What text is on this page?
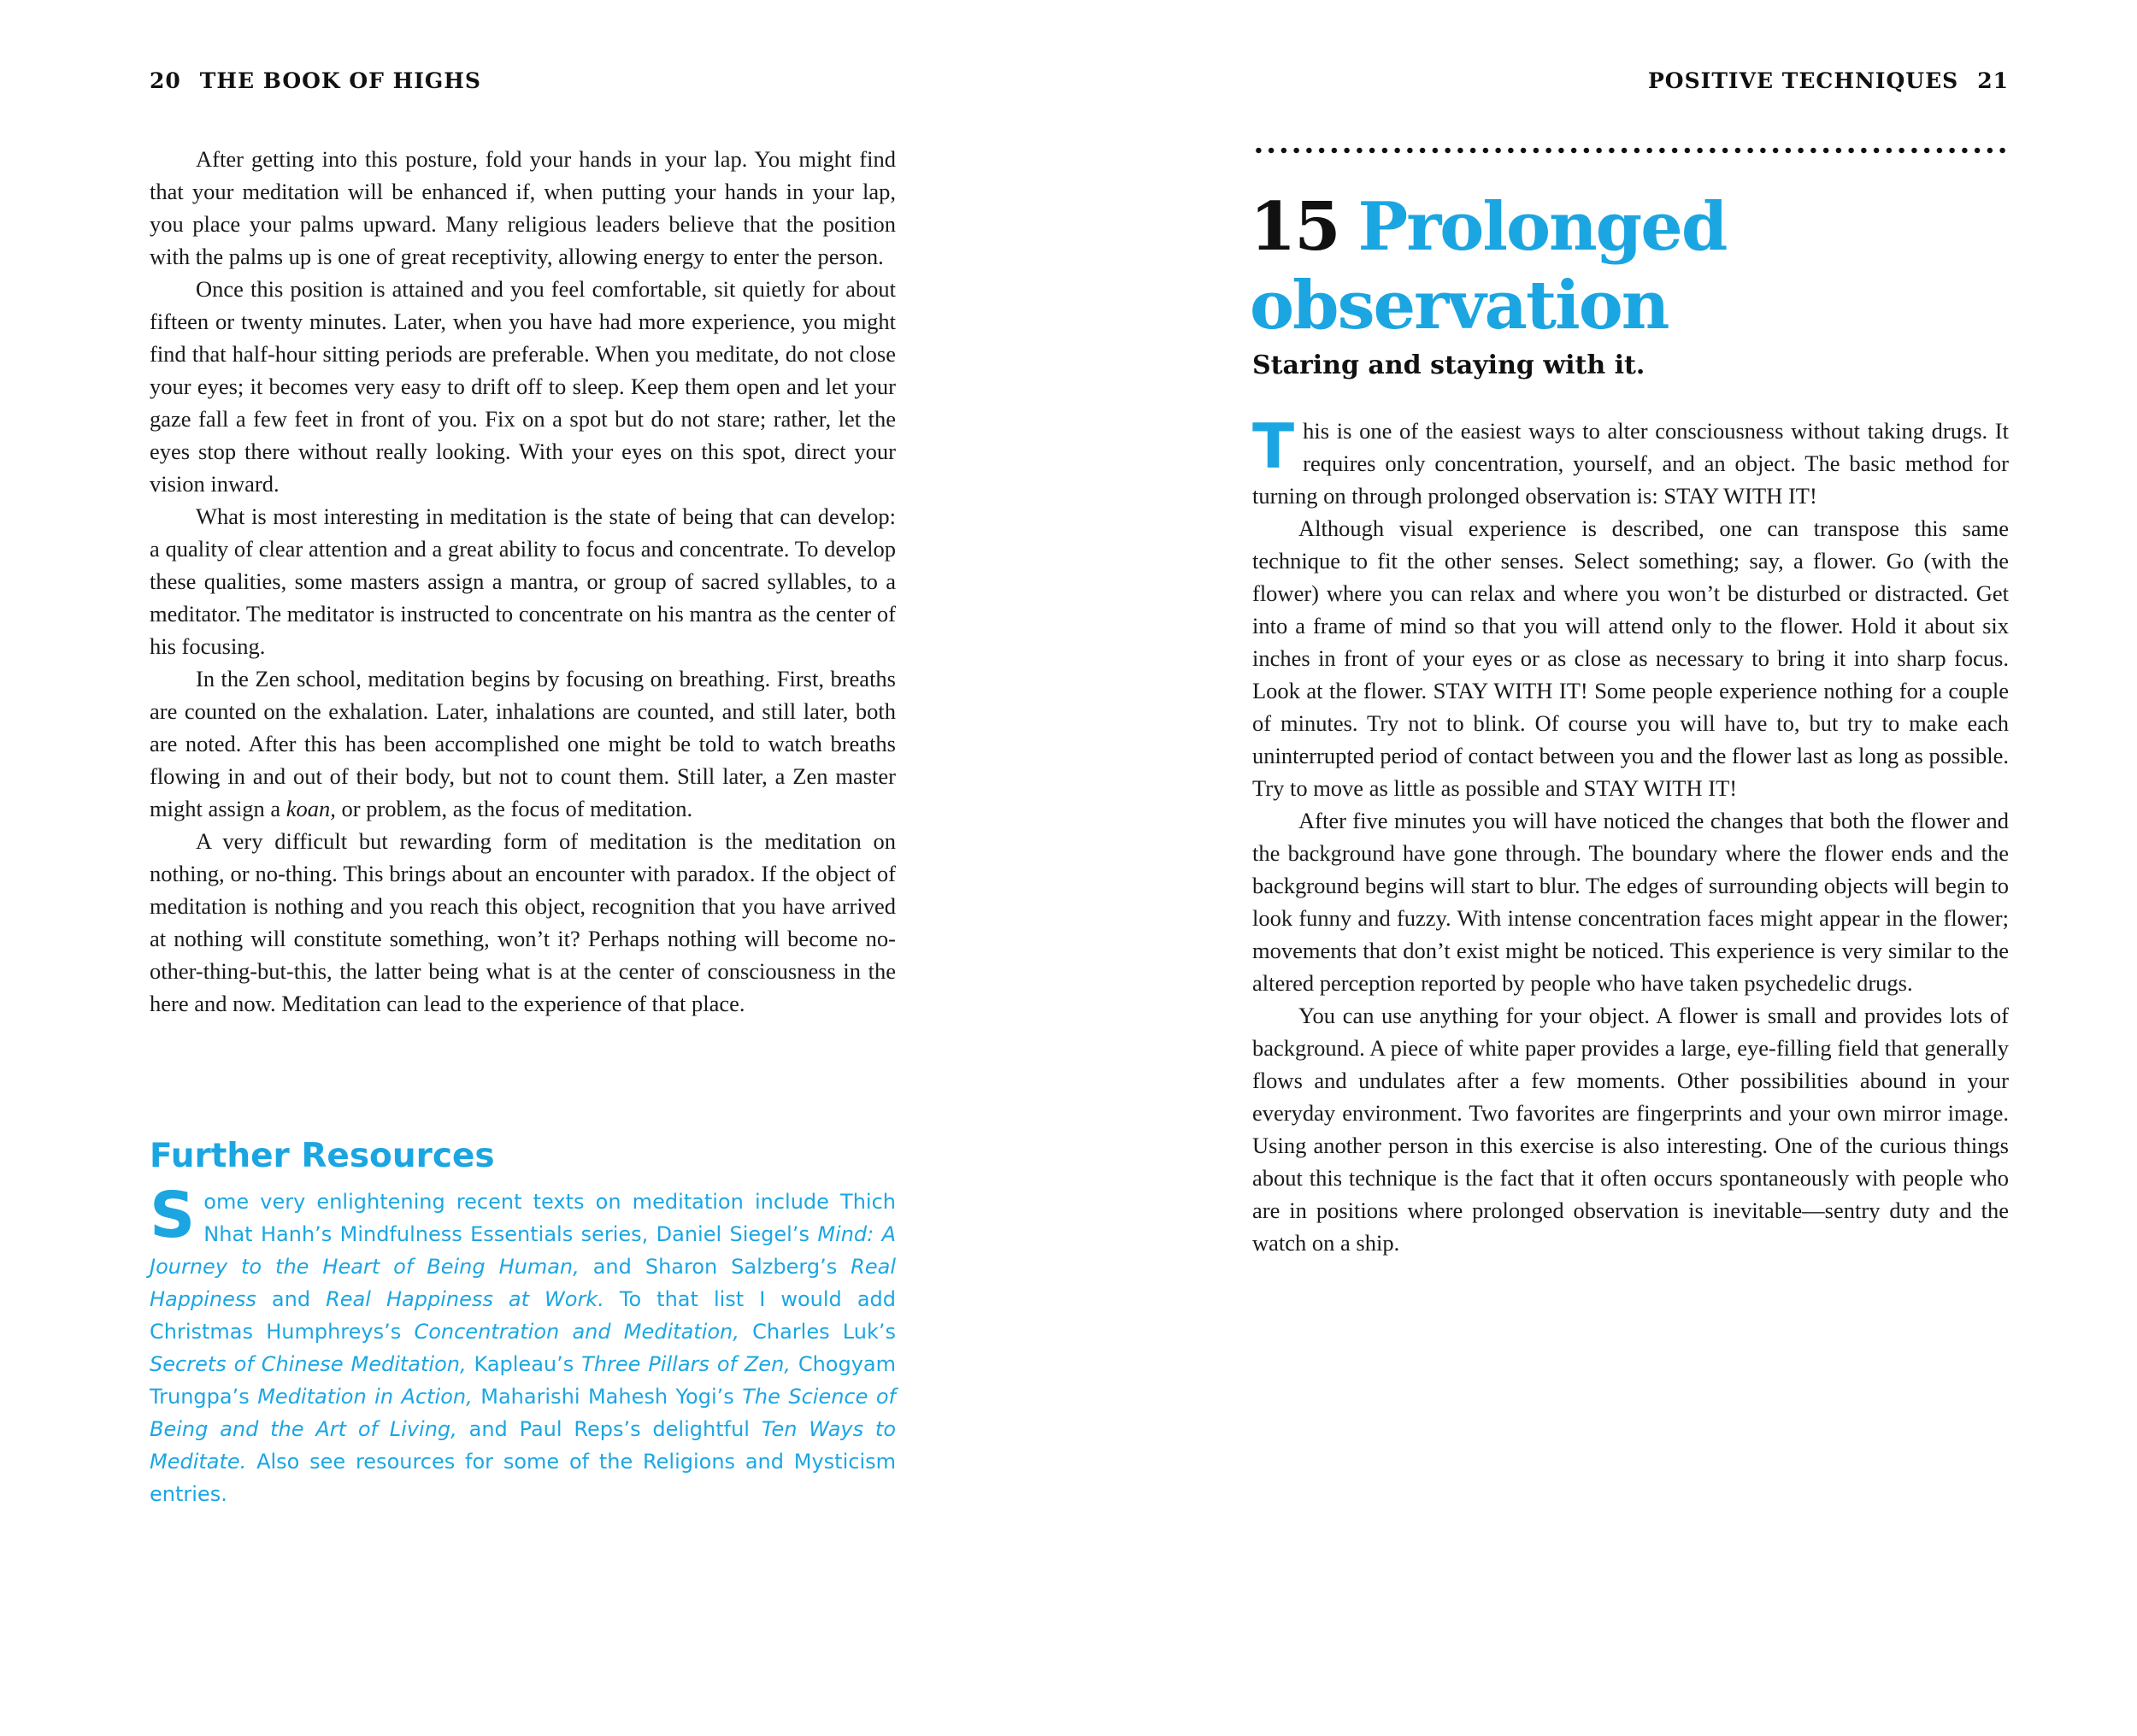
20 THE BOOK OF HIGHS

After getting into this posture, fold your hands in your lap. You might find that your meditation will be enhanced if, when putting your hands in your lap, you place your palms upward. Many religious leaders believe that the position with the palms up is one of great receptivity, allowing energy to enter the person.

Once this position is attained and you feel comfortable, sit quietly for about fifteen or twenty minutes. Later, when you have had more experience, you might find that half-hour sitting periods are preferable. When you meditate, do not close your eyes; it becomes very easy to drift off to sleep. Keep them open and let your gaze fall a few feet in front of you. Fix on a spot but do not stare; rather, let the eyes stop there without really looking. With your eyes on this spot, direct your vision inward.

What is most interesting in meditation is the state of being that can develop: a quality of clear attention and a great ability to focus and concentrate. To develop these qualities, some masters assign a mantra, or group of sacred syllables, to a meditator. The meditator is instructed to concentrate on his mantra as the center of his focusing.

In the Zen school, meditation begins by focusing on breathing. First, breaths are counted on the exhalation. Later, inhalations are counted, and still later, both are noted. After this has been accomplished one might be told to watch breaths flowing in and out of their body, but not to count them. Still later, a Zen master might assign a koan, or problem, as the focus of meditation.

A very difficult but rewarding form of meditation is the meditation on nothing, or no-thing. This brings about an encounter with paradox. If the object of meditation is nothing and you reach this object, recognition that you have arrived at nothing will constitute something, won’t it? Perhaps nothing will become no-other-thing-but-this, the latter being what is at the center of consciousness in the here and now. Meditation can lead to the experience of that place.

Further Resources
S ome very enlightening recent texts on meditation include Thich Nhat Hanh’s Mindfulness Essentials series, Daniel Siegel’s Mind: A Journey to the Heart of Being Human, and Sharon Salzberg’s Real Happiness and Real Happiness at Work. To that list I would add Christmas Humphreys’s Concentration and Meditation, Charles Luk’s Secrets of Chinese Meditation, Kapleau’s Three Pillars of Zen, Chogyam Trungpa’s Meditation in Action, Maharishi Mahesh Yogi’s The Science of Being and the Art of Living, and Paul Reps’s delightful Ten Ways to Meditate. Also see resources for some of the Religions and Mysticism entries.
POSITIVE TECHNIQUES 21
15 Prolonged observation
Staring and staying with it.

This is one of the easiest ways to alter consciousness without taking drugs. It requires only concentration, yourself, and an object. The basic method for turning on through prolonged observation is: STAY WITH IT!

Although visual experience is described, one can transpose this same technique to fit the other senses. Select something; say, a flower. Go (with the flower) where you can relax and where you won’t be disturbed or distracted. Get into a frame of mind so that you will attend only to the flower. Hold it about six inches in front of your eyes or as close as necessary to bring it into sharp focus. Look at the flower. STAY WITH IT! Some people experience nothing for a couple of minutes. Try not to blink. Of course you will have to, but try to make each uninterrupted period of contact between you and the flower last as long as possible. Try to move as little as possible and STAY WITH IT!

After five minutes you will have noticed the changes that both the flower and the background have gone through. The boundary where the flower ends and the background begins will start to blur. The edges of surrounding objects will begin to look funny and fuzzy. With intense concentration faces might appear in the flower; movements that don’t exist might be noticed. This experience is very similar to the altered perception reported by people who have taken psychedelic drugs.

You can use anything for your object. A flower is small and provides lots of background. A piece of white paper provides a large, eye-filling field that generally flows and undulates after a few moments. Other possibilities abound in your everyday environment. Two favorites are fingerprints and your own mirror image. Using another person in this exercise is also interesting. One of the curious things about this technique is the fact that it often occurs spontaneously with people who are in positions where prolonged observation is inevitable—sentry duty and the watch on a ship.
